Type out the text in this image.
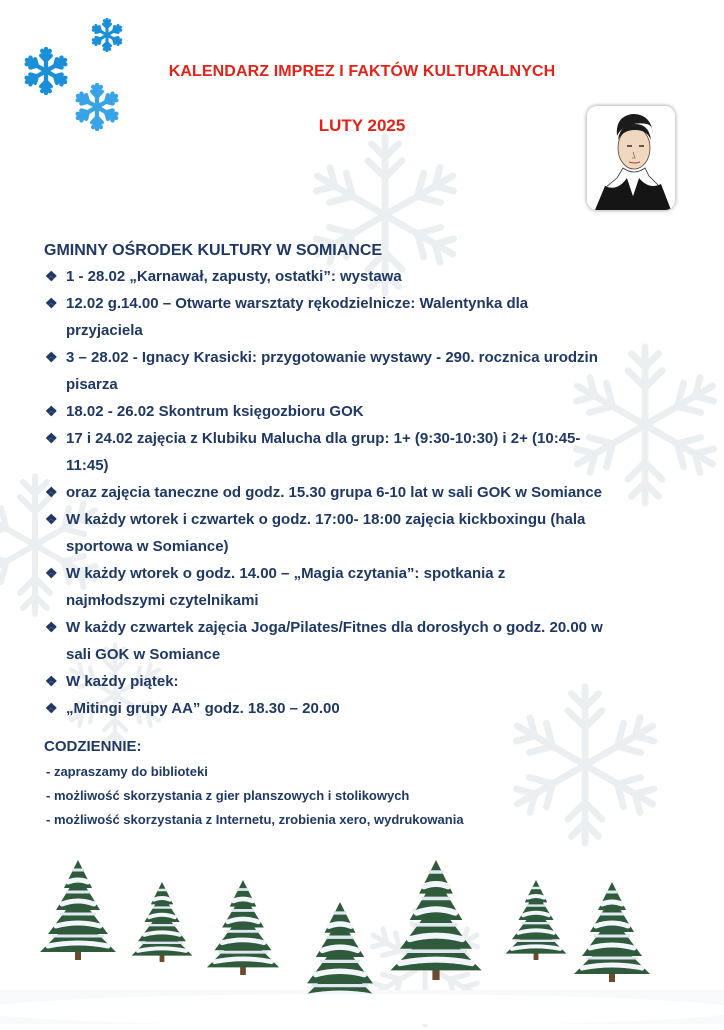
KALENDARZ IMPREZ I FAKTÓW KULTURALNYCH
LUTY 2025
GMINNY OŚRODEK KULTURY W SOMIANCE
❖ 1 - 28.02 „Karnawał, zapusty, ostatki”: wystawa
❖ 12.02 g.14.00 – Otwarte warsztaty rękodzielnicze: Walentynka dla
przyjaciela
❖ 3 – 28.02 - Ignacy Krasicki: przygotowanie wystawy - 290. rocznica urodzin
pisarza
❖ 18.02 - 26.02 Skontrum księgozbioru GOK
❖ 17 i 24.02 zajęcia z Klubiku Malucha dla grup: 1+ (9:30-10:30) i 2+ (10:45-
11:45)
❖ oraz zajęcia taneczne od godz. 15.30 grupa 6-10 lat w sali GOK w Somiance
❖ W każdy wtorek i czwartek o godz. 17:00- 18:00 zajęcia kickboxingu (hala
sportowa w Somiance)
❖ W każdy wtorek o godz. 14.00 – „Magia czytania”: spotkania z
najmłodszymi czytelnikami
❖ W każdy czwartek zajęcia Joga/Pilates/Fitnes dla dorosłych o godz. 20.00 w
sali GOK w Somiance
❖ W każdy piątek:
❖ „Mitingi grupy AA” godz. 18.30 – 20.00
CODZIENNIE:
- zapraszamy do biblioteki
- możliwość skorzystania z gier planszowych i stolikowych
- możliwość skorzystania z Internetu, zrobienia xero, wydrukowania
